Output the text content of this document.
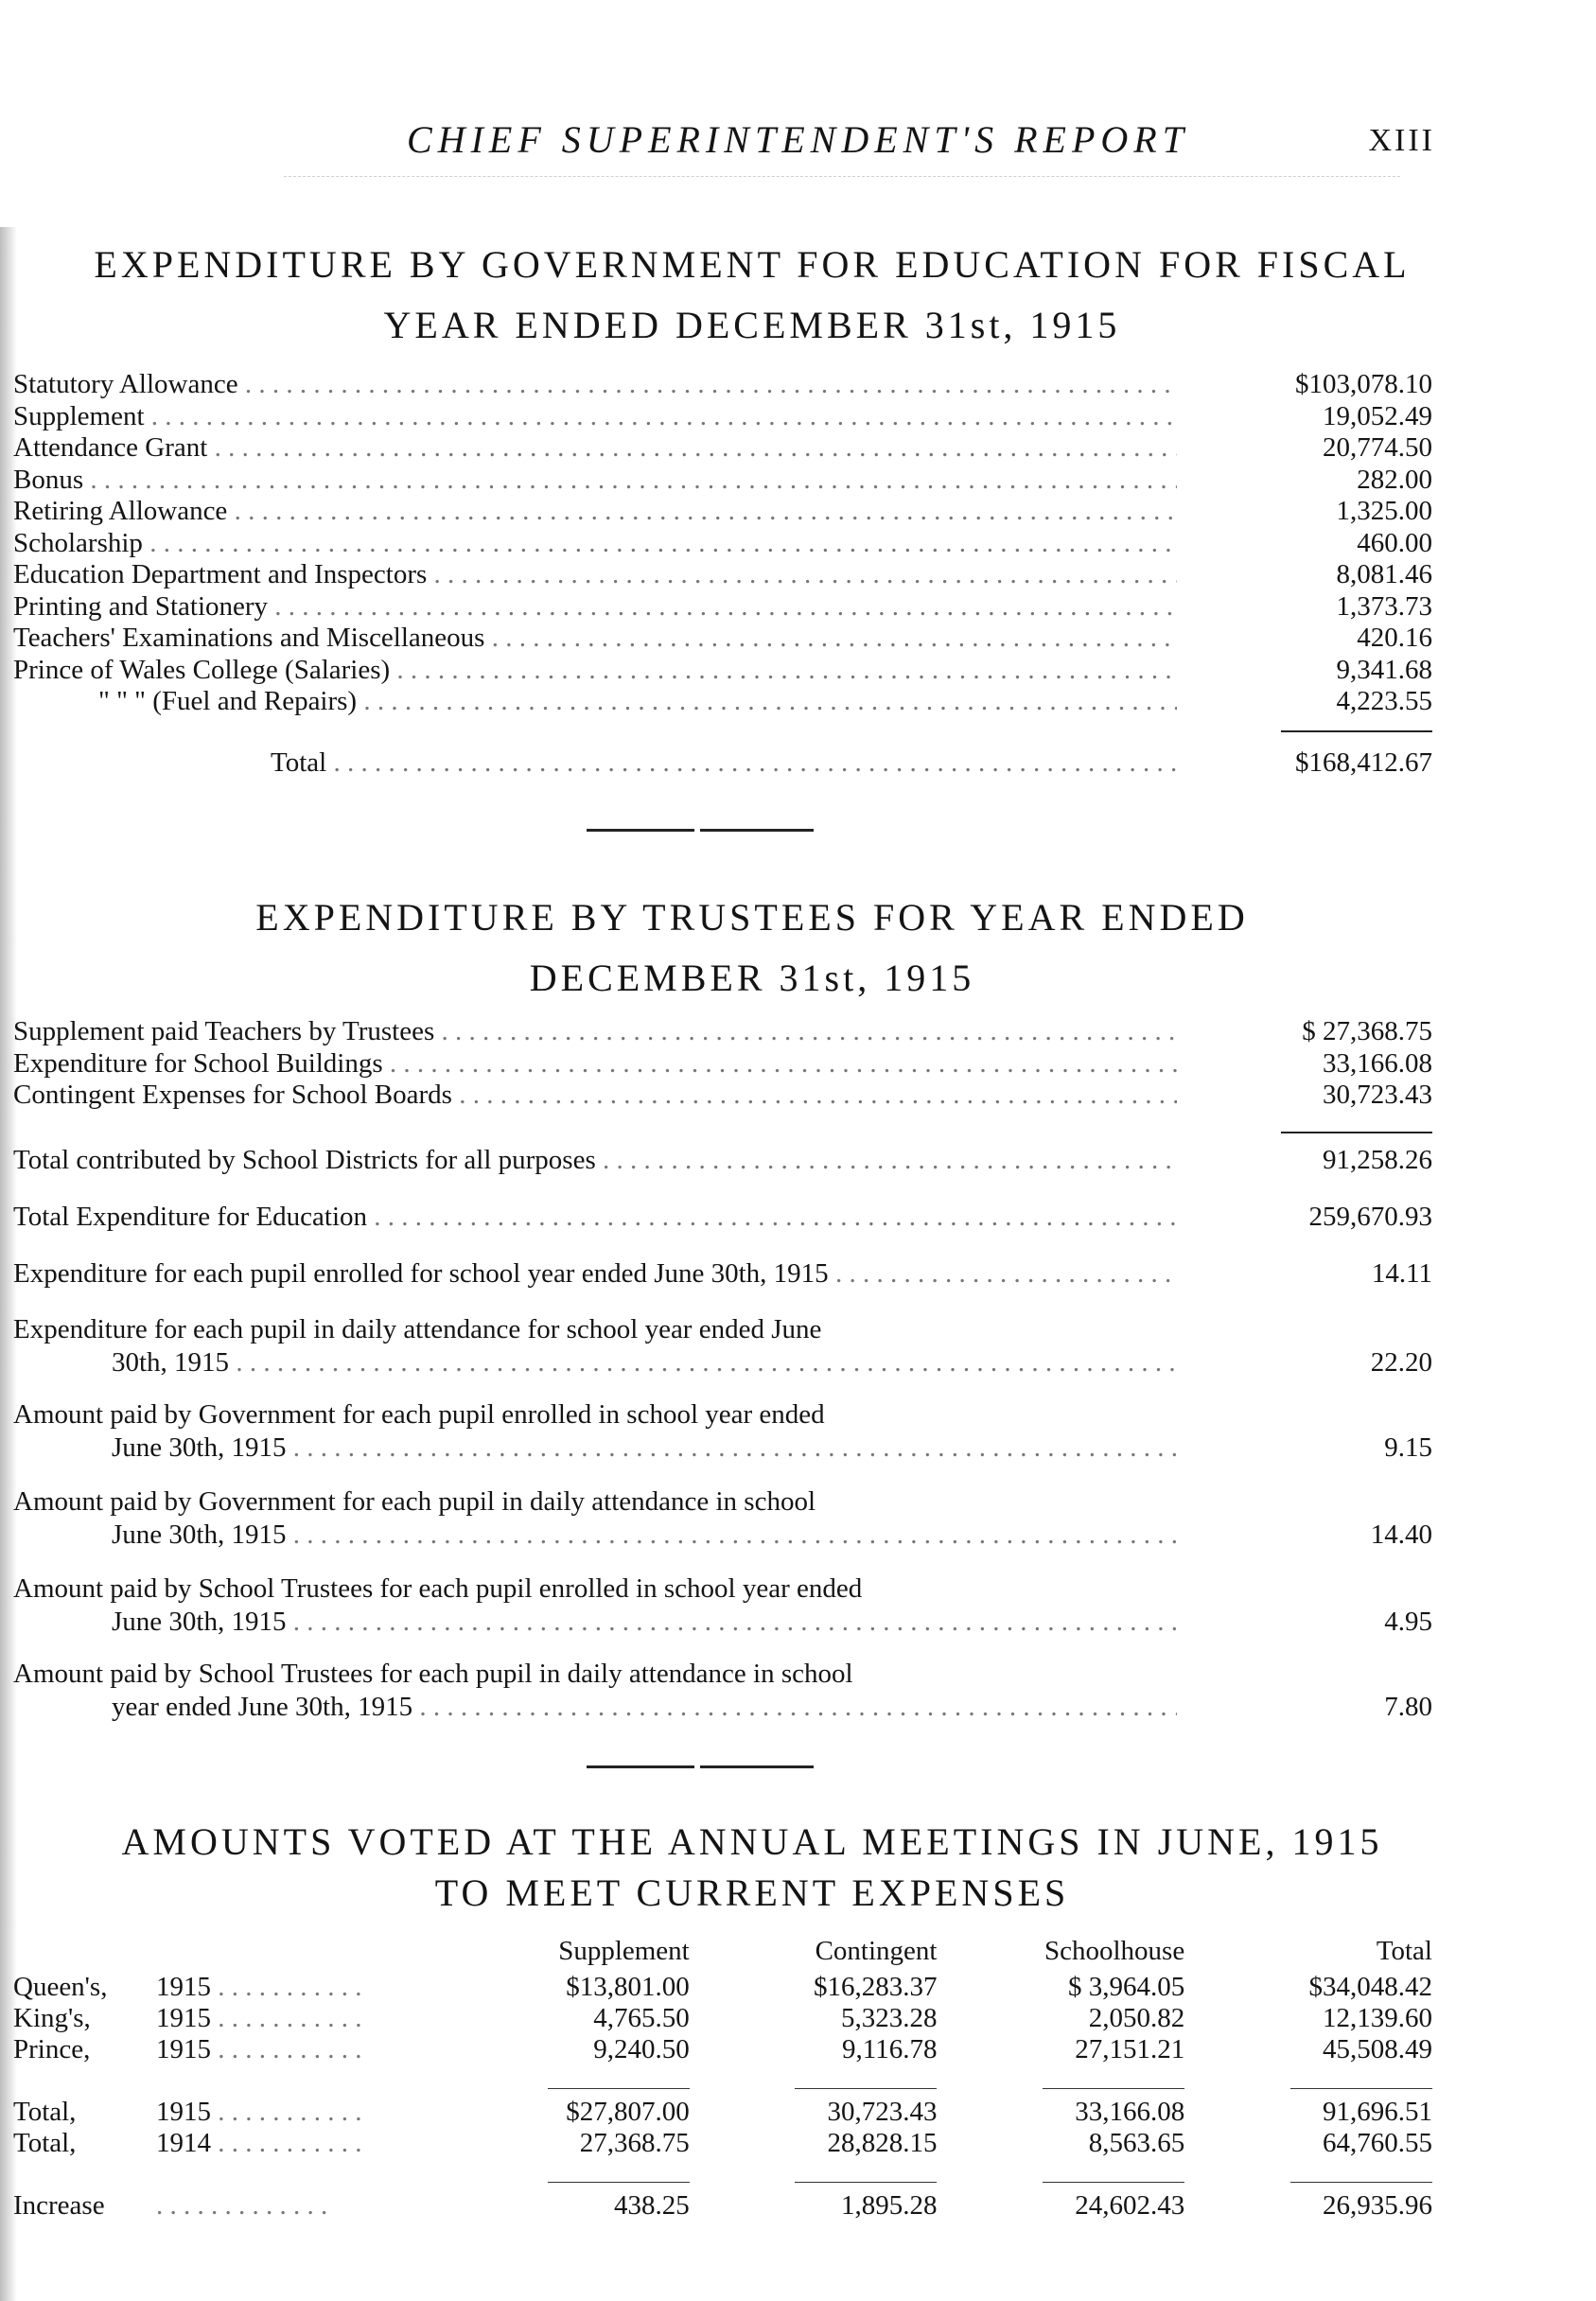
CHIEF SUPERINTENDENT'S REPORT	XIII
EXPENDITURE BY GOVERNMENT FOR EDUCATION FOR FISCAL
YEAR ENDED DECEMBER 31st, 1915
Statutory Allowance . . .	$103,078.10
Supplement . . .	19,052.49
Attendance Grant . . .	20,774.50
Bonus . . .	282.00
Retiring Allowance . . .	1,325.00
Scholarship . . .	460.00
Education Department and Inspectors . . .	8,081.46
Printing and Stationery . . .	1,373.73
Teachers' Examinations and Miscellaneous . . .	420.16
Prince of Wales College (Salaries) . . .	9,341.68
" " " (Fuel and Repairs) . . .	4,223.55
Total . . .	$168,412.67
EXPENDITURE BY TRUSTEES FOR YEAR ENDED
DECEMBER 31st, 1915
Supplement paid Teachers by Trustees . . .	$ 27,368.75
Expenditure for School Buildings . . .	33,166.08
Contingent Expenses for School Boards . . .	30,723.43
Total contributed by School Districts for all purposes . . .	91,258.26
Total Expenditure for Education . . .	259,670.93
Expenditure for each pupil enrolled for school year ended June 30th, 1915 . . .	14.11
Expenditure for each pupil in daily attendance for school year ended June
30th, 1915 . . .	22.20
Amount paid by Government for each pupil enrolled in school year ended
June 30th, 1915 . . .	9.15
Amount paid by Government for each pupil in daily attendance in school
June 30th, 1915 . . .	14.40
Amount paid by School Trustees for each pupil enrolled in school year ended
June 30th, 1915 . . .	4.95
Amount paid by School Trustees for each pupil in daily attendance in school
year ended June 30th, 1915 . . .	7.80
AMOUNTS VOTED AT THE ANNUAL MEETINGS IN JUNE, 1915
TO MEET CURRENT EXPENSES
		Supplement	Contingent	Schoolhouse	Total
Queen's,	1915 . . . . . . . . . . .	$13,801.00	$16,283.37	$ 3,964.05	$34,048.42
King's,	1915 . . . . . . . . . . .	4,765.50	5,323.28	2,050.82	12,139.60
Prince,	1915 . . . . . . . . . . .	9,240.50	9,116.78	27,151.21	45,508.49

Total,	1915 . . . . . . . . . . .	$27,807.00	30,723.43	33,166.08	91,696.51
Total,	1914 . . . . . . . . . . .	27,368.75	28,828.15	8,563.65	64,760.55

Increase	. . . . . . . . . . . . .	438.25	1,895.28	24,602.43	26,935.96
